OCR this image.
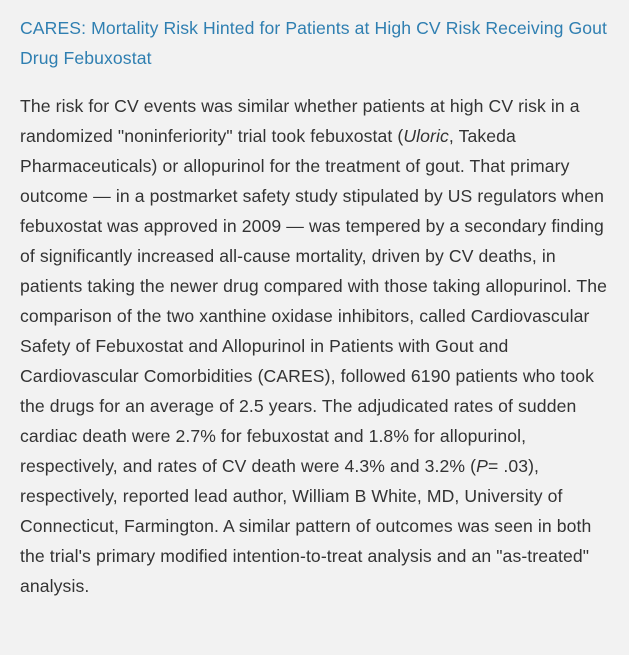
CARES: Mortality Risk Hinted for Patients at High CV Risk Receiving Gout Drug Febuxostat

The risk for CV events was similar whether patients at high CV risk in a randomized "noninferiority" trial took febuxostat (Uloric, Takeda Pharmaceuticals) or allopurinol for the treatment of gout. That primary outcome — in a postmarket safety study stipulated by US regulators when febuxostat was approved in 2009 — was tempered by a secondary finding of significantly increased all-cause mortality, driven by CV deaths, in patients taking the newer drug compared with those taking allopurinol. The comparison of the two xanthine oxidase inhibitors, called Cardiovascular Safety of Febuxostat and Allopurinol in Patients with Gout and Cardiovascular Comorbidities (CARES), followed 6190 patients who took the drugs for an average of 2.5 years. The adjudicated rates of sudden cardiac death were 2.7% for febuxostat and 1.8% for allopurinol, respectively, and rates of CV death were 4.3% and 3.2% (P= .03), respectively, reported lead author, William B White, MD, University of Connecticut, Farmington. A similar pattern of outcomes was seen in both the trial's primary modified intention-to-treat analysis and an "as-treated" analysis.
